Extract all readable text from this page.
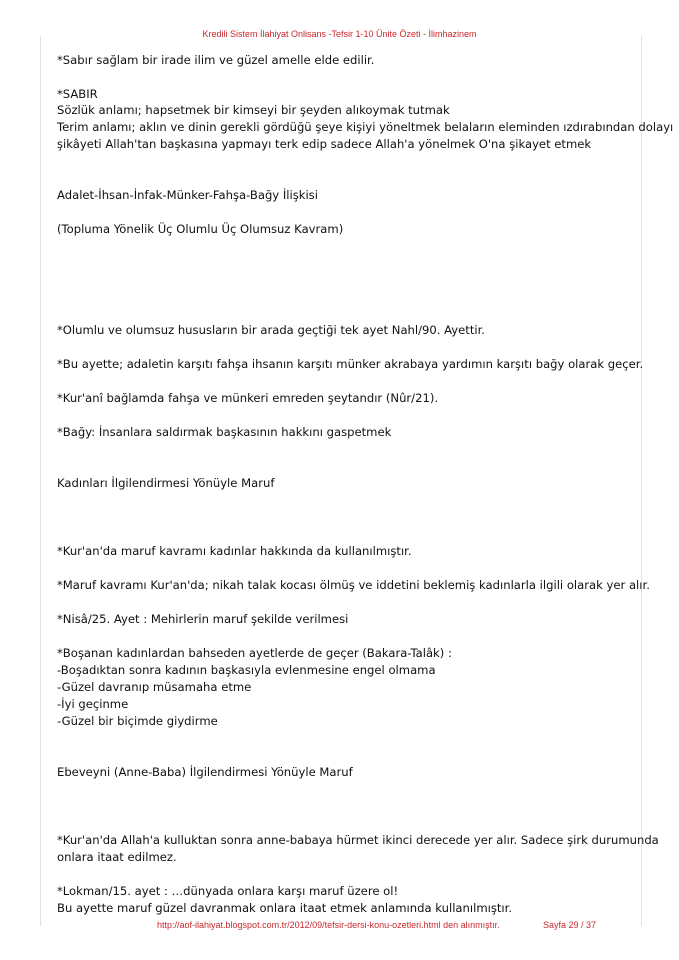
Kredili Sistem İlahiyat Onlisans -Tefsir 1-10 Ünite Özeti - İlimhazinem
*Sabır sağlam bir irade ilim ve güzel amelle elde edilir.
*SABIR
Sözlük anlamı; hapsetmek bir kimseyi bir şeyden alıkoymak tutmak
Terim anlamı; aklın ve dinin gerekli gördüğü şeye kişiyi yöneltmek belaların eleminden ızdırabından dolayı
şikâyeti Allah'tan başkasına yapmayı terk edip sadece Allah'a yönelmek O'na şikayet etmek
Adalet-İhsan-İnfak-Münker-Fahşa-Bağy İlişkisi
(Topluma Yönelik Üç Olumlu Üç Olumsuz Kavram)
*Olumlu ve olumsuz hususların bir arada geçtiği tek ayet Nahl/90. Ayettir.
*Bu ayette; adaletin karşıtı fahşa ihsanın karşıtı münker akrabaya yardımın karşıtı bağy olarak geçer.
*Kur'anî bağlamda fahşa ve münkeri emreden şeytandır (Nûr/21).
*Bağy: İnsanlara saldırmak başkasının hakkını gaspetmek
Kadınları İlgilendirmesi Yönüyle Maruf
*Kur'an'da maruf kavramı kadınlar hakkında da kullanılmıştır.
*Maruf kavramı Kur'an'da; nikah talak kocası ölmüş ve iddetini beklemiş kadınlarla ilgili olarak yer alır.
*Nisâ/25. Ayet : Mehirlerin maruf şekilde verilmesi
*Boşanan kadınlardan bahseden ayetlerde de geçer (Bakara-Talâk) :
-Boşadıktan sonra kadının başkasıyla evlenmesine engel olmama
-Güzel davranıp müsamaha etme
-İyi geçinme
-Güzel bir biçimde giydirme
Ebeveyni (Anne-Baba) İlgilendirmesi Yönüyle Maruf
*Kur'an'da Allah'a kulluktan sonra anne-babaya hürmet ikinci derecede yer alır. Sadece şirk durumunda
onlara itaat edilmez.
*Lokman/15. ayet : …dünyada onlara karşı maruf üzere ol!
Bu ayette maruf güzel davranmak onlara itaat etmek anlamında kullanılmıştır.
http://aof-ilahiyat.blogspot.com.tr/2012/09/tefsir-dersi-konu-ozetleri.html den alınmıştır.	Sayfa 29 / 37
